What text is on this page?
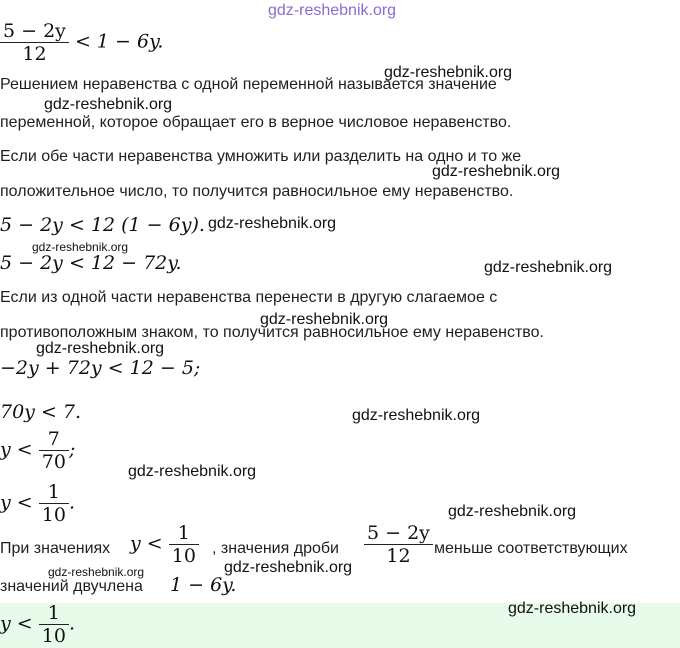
gdz-reshebnik.org
$\frac{5 - 2y}{12} < 1 - 6y$.
Решением неравенства с одной переменной называется значение
gdz-reshebnik.org
gdz-reshebnik.org
переменной, которое обращает его в верное числовое неравенство.
Если обе части неравенства умножить или разделить на одно и то же
gdz-reshebnik.org
положительное число, то получится равносильное ему неравенство.
5 − 2y < 12 (1 − 6y). gdz-reshebnik.org
gdz-reshebnik.org
5 − 2y < 12 − 72y.	gdz-reshebnik.org
Если из одной части неравенства перенести в другую слагаемое с
gdz-reshebnik.org
противоположным знаком, то получится равносильное ему неравенство.
gdz-reshebnik.org
−2y + 72y < 12 − 5;
70y < 7.	gdz-reshebnik.org
$y < \frac{7}{70}$ ;
gdz-reshebnik.org
$y < \frac{1}{10}$ .	gdz-reshebnik.org
При значениях $y < \frac{1}{10}$ , значения дроби $\frac{5 - 2y}{12}$ меньше соответствующих
gdz-reshebnik.org	gdz-reshebnik.org
значений двучлена 1 − 6y.
gdz-reshebnik.org
$y < \frac{1}{10}$ .
